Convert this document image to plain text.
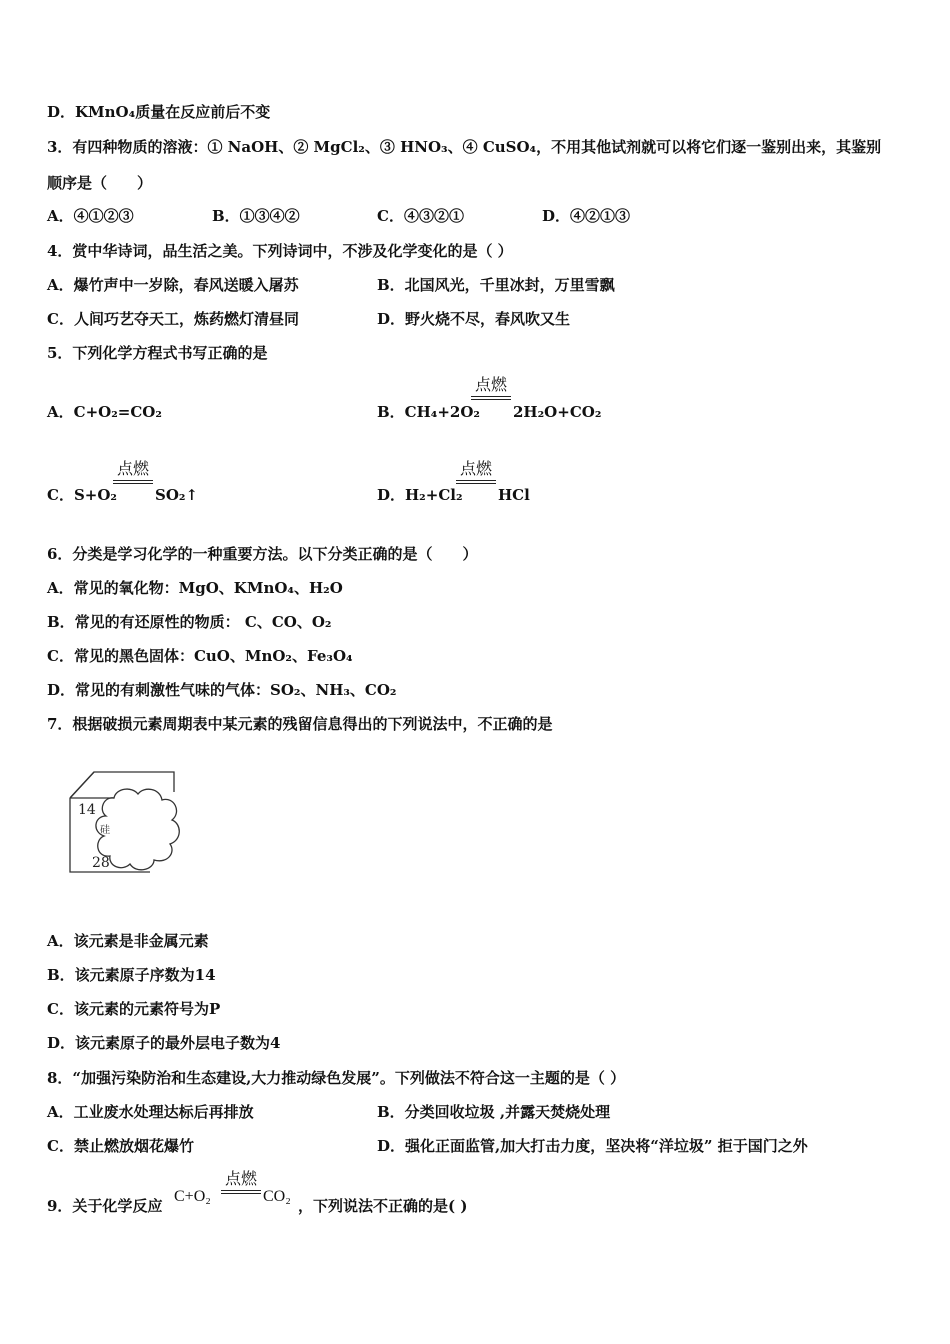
D．KMnO₄质量在反应前后不变
3．有四种物质的溶液：① NaOH、② MgCl₂、③ HNO₃、④ CuSO₄，不用其他试剂就可以将它们逐一鉴别出来，其鉴别
顺序是（　　）
A．④①②③	B．①③④②	C．④③②①	D．④②①③
4．赏中华诗词，品生活之美。下列诗词中，不涉及化学变化的是（ ）
A．爆竹声中一岁除，春风送暖入屠苏	B．北国风光，千里冰封，万里雪飘
C．人间巧艺夺天工，炼药燃灯清昼同	D．野火烧不尽，春风吹又生
5．下列化学方程式书写正确的是
A．C+O₂=CO₂	B．CH₄+2O₂
点燃
2H₂O+CO₂
C．S+O₂
点燃
SO₂↑	D．H₂+Cl₂
点燃
HCl
6．分类是学习化学的一种重要方法。以下分类正确的是（　　）
A．常见的氧化物：MgO、KMnO₄、H₂O
B．常见的有还原性的物质： C、CO、O₂
C．常见的黑色固体：CuO、MnO₂、Fe₃O₄
D．常见的有刺激性气味的气体：SO₂、NH₃、CO₂
7．根据破损元素周期表中某元素的残留信息得出的下列说法中，不正确的是
14
硅
28
A．该元素是非金属元素
B．该元素原子序数为14
C．该元素的元素符号为P
D．该元素原子的最外层电子数为4
8．“加强污染防治和生态建设,大力推动绿色发展”。下列做法不符合这一主题的是（ ）
A．工业废水处理达标后再排放	B．分类回收垃圾 ,并露天焚烧处理
C．禁止燃放烟花爆竹	D．强化正面监管,加大打击力度，坚决将“洋垃圾” 拒于国门之外
9．关于化学反应
C+O₂
点燃
CO₂
，下列说法不正确的是( )
